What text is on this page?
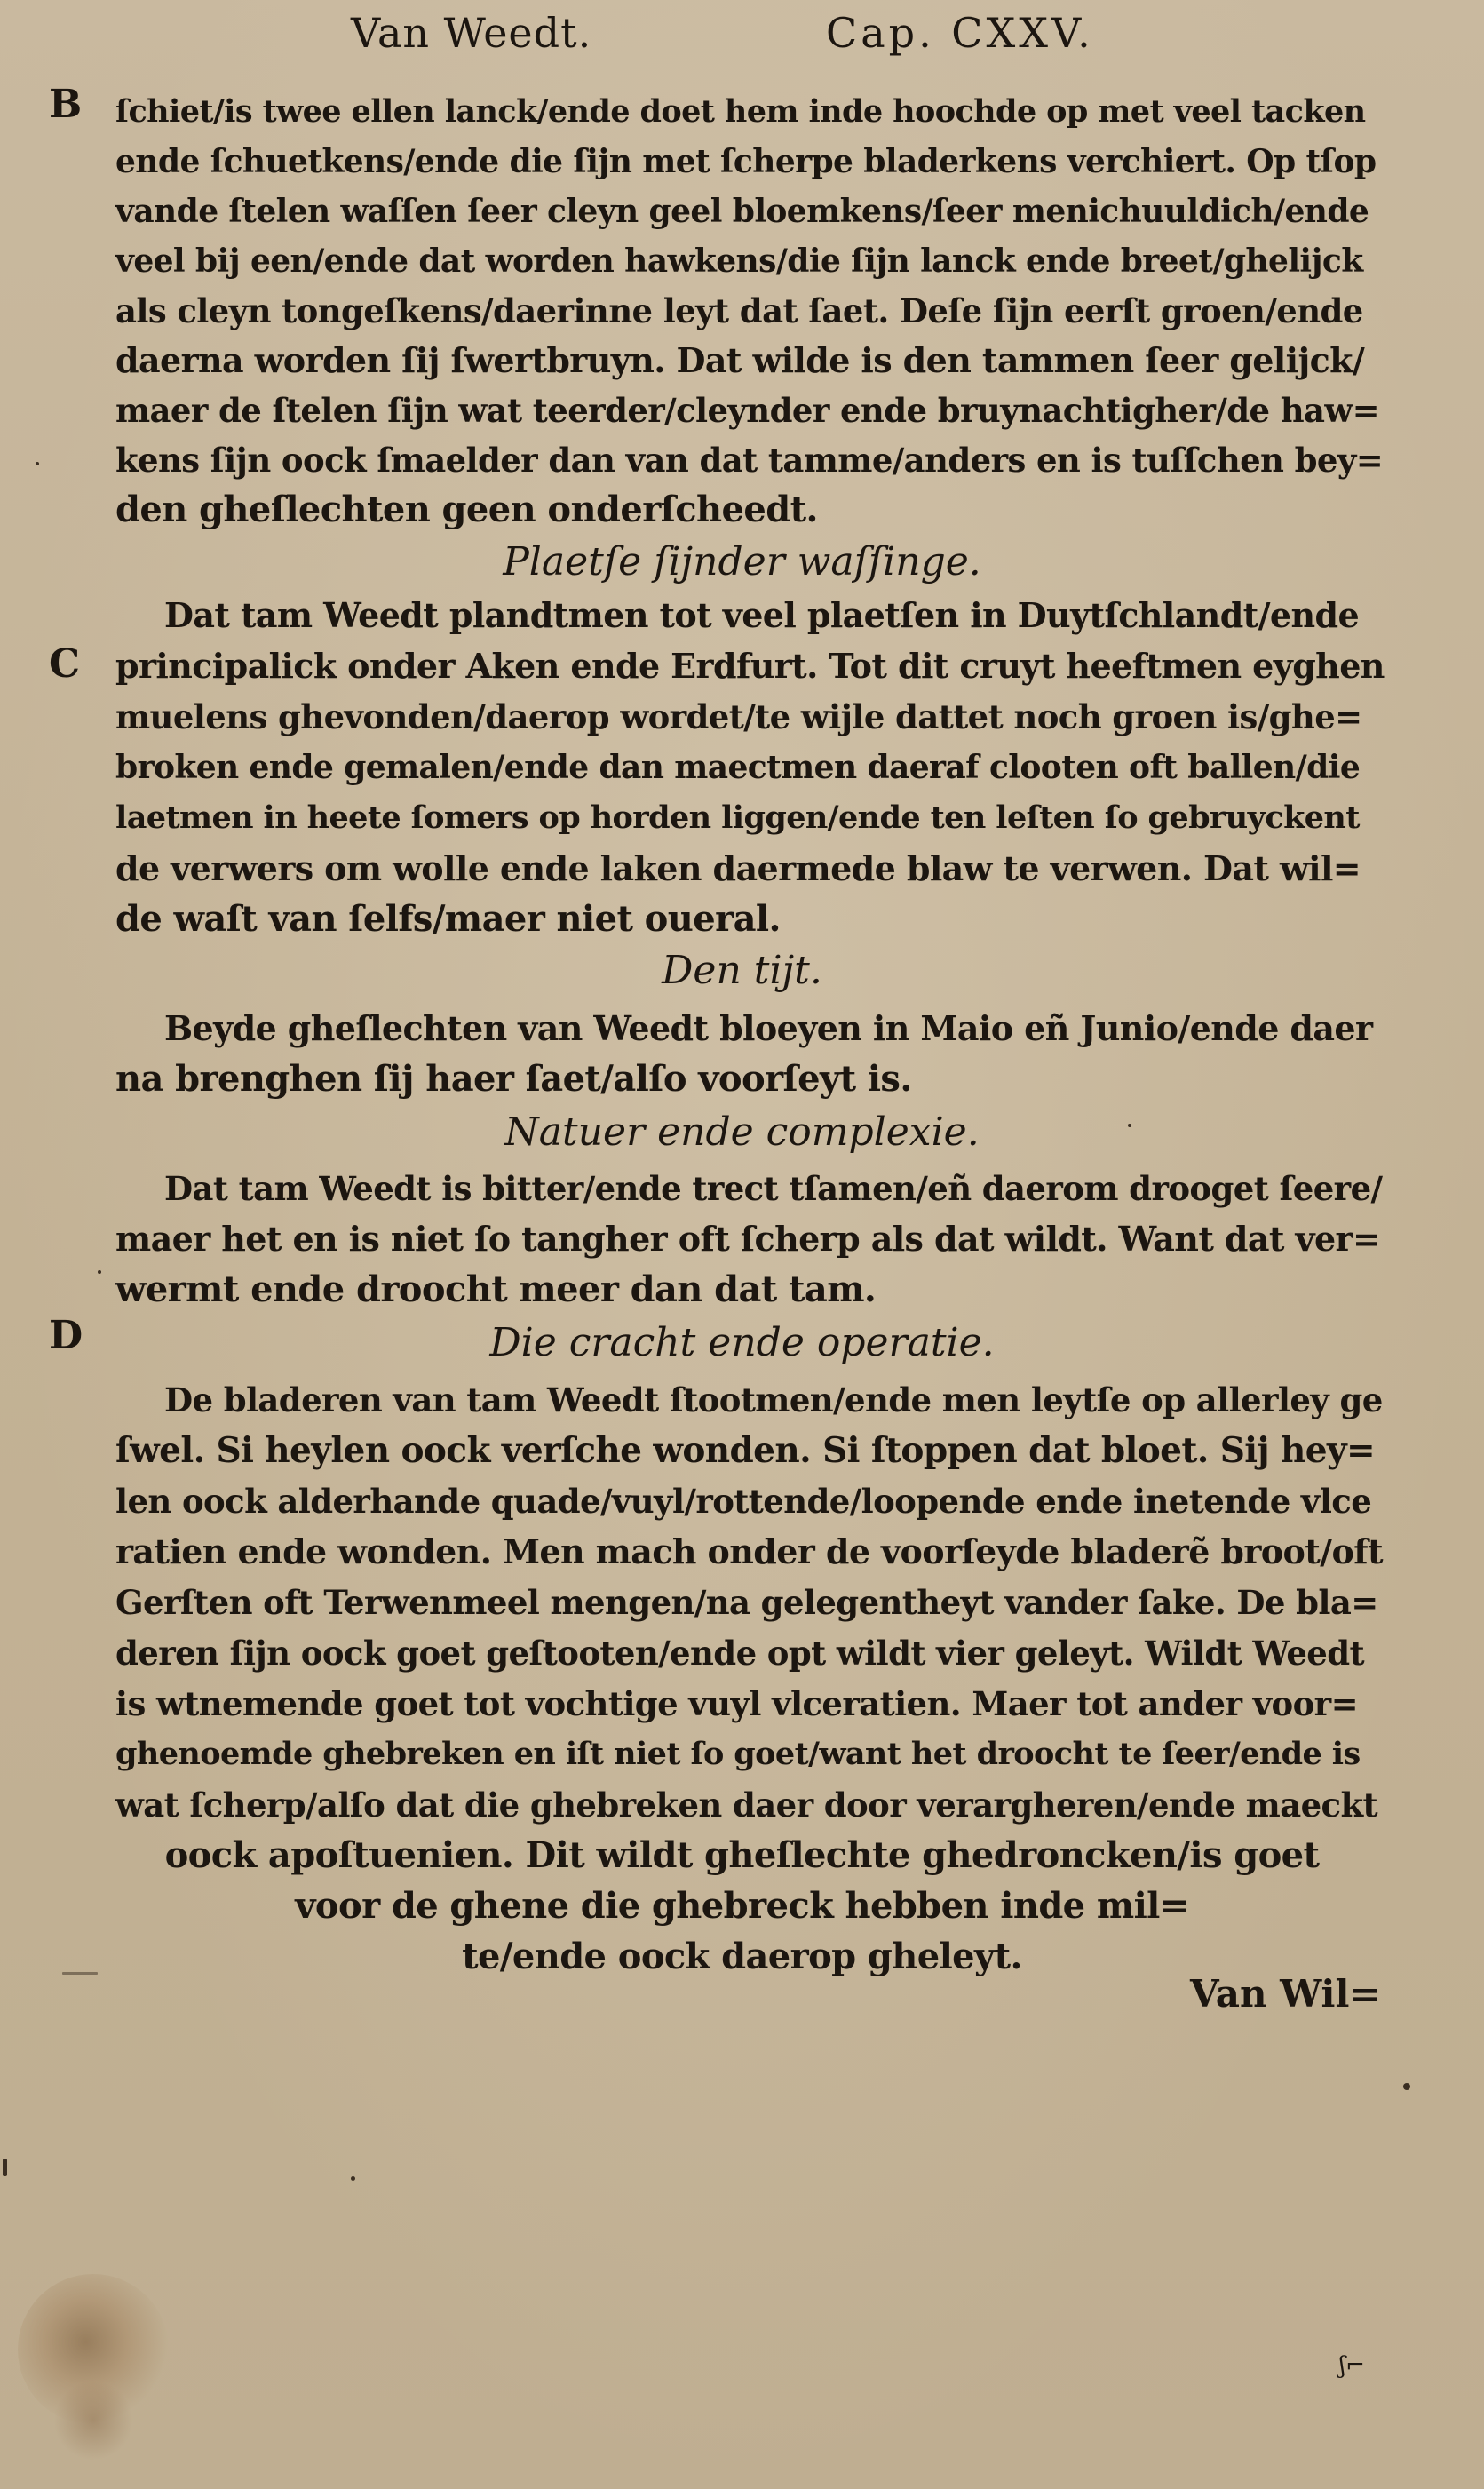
Van Weedt.	Cap. CXXV.
B
C
D
ſchiet/is twee ellen lanck/ende doet hem inde hoochde op met veel tacken
ende ſchuetkens/ende die ſijn met ſcherpe bladerkens verchiert. Op tſop
vande ſtelen waſſen ſeer cleyn geel bloemkens/ſeer menichuuldich/ende
veel bij een/ende dat worden hawkens/die ſijn lanck ende breet/ghelijck
als cleyn tongeſkens/daerinne leyt dat ſaet. Deſe ſijn eerſt groen/ende
daerna worden ſij ſwertbruyn. Dat wilde is den tammen ſeer gelijck/
maer de ſtelen ſijn wat teerder/cleynder ende bruynachtigher/de haw=
kens ſijn oock ſmaelder dan van dat tamme/anders en is tuſſchen bey=
den gheſlechten geen onderſcheedt.
Plaetſe ſijnder waſſinge.
Dat tam Weedt plandtmen tot veel plaetſen in Duytſchlandt/ende
principalick onder Aken ende Erdfurt. Tot dit cruyt heeftmen eyghen
muelens ghevonden/daerop wordet/te wijle dattet noch groen is/ghe=
broken ende gemalen/ende dan maectmen daeraf clooten oft ballen/die
laetmen in heete ſomers op horden liggen/ende ten leſten ſo gebruyckent
de verwers om wolle ende laken daermede blaw te verwen. Dat wil=
de waſt van ſelfs/maer niet oueral.
Den tijt.
Beyde gheſlechten van Weedt bloeyen in Maio eñ Junio/ende daer
na brenghen ſij haer ſaet/alſo voorſeyt is.
Natuer ende complexie.
Dat tam Weedt is bitter/ende trect tſamen/eñ daerom drooget ſeere/
maer het en is niet ſo tangher oft ſcherp als dat wildt. Want dat ver=
wermt ende droocht meer dan dat tam.
Die cracht ende operatie.
De bladeren van tam Weedt ſtootmen/ende men leytſe op allerley ge
ſwel. Si heylen oock verſche wonden. Si ſtoppen dat bloet. Sij hey=
len oock alderhande quade/vuyl/rottende/loopende ende inetende vlce
ratien ende wonden. Men mach onder de voorſeyde bladerẽ broot/oft
Gerſten oft Terwenmeel mengen/na gelegentheyt vander ſake. De bla=
deren ſijn oock goet geſtooten/ende opt wildt vier geleyt. Wildt Weedt
is wtnemende goet tot vochtige vuyl vlceratien. Maer tot ander voor=
ghenoemde ghebreken en iſt niet ſo goet/want het droocht te ſeer/ende is
wat ſcherp/alſo dat die ghebreken daer door verargheren/ende maeckt
oock apoſtuenien. Dit wildt gheſlechte ghedroncken/is goet
voor de ghene die ghebreck hebben inde mil=
te/ende oock daerop gheleyt.
Van Wil=
ʃ⌐
